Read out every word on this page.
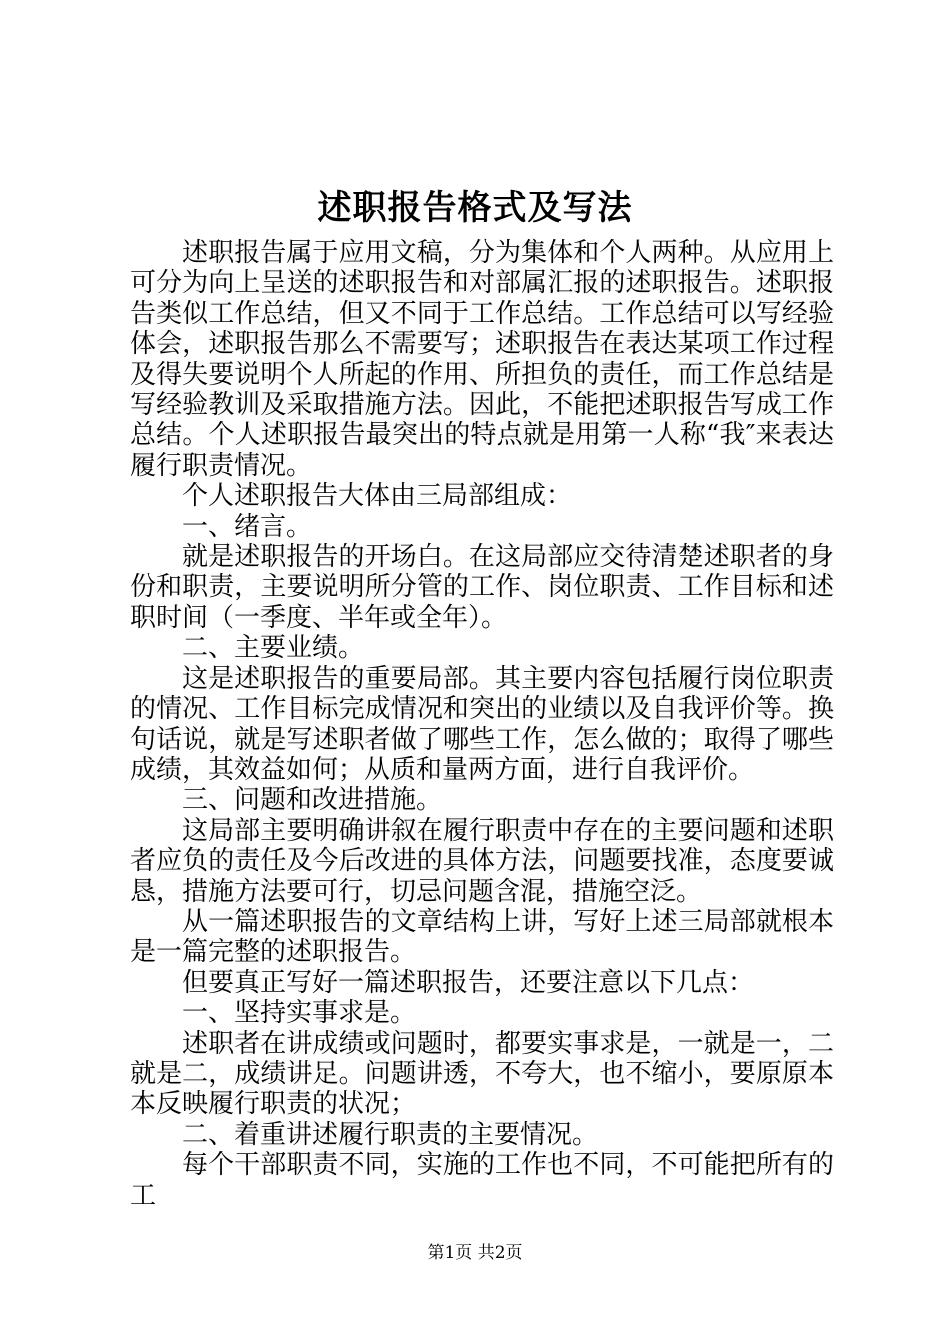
述职报告格式及写法

述职报告属于应用文稿，分为集体和个人两种。从应用上可分为向上呈送的述职报告和对部属汇报的述职报告。述职报告类似工作总结，但又不同于工作总结。工作总结可以写经验体会，述职报告那么不需要写；述职报告在表达某项工作过程及得失要说明个人所起的作用、所担负的责任，而工作总结是写经验教训及采取措施方法。因此，不能把述职报告写成工作总结。个人述职报告最突出的特点就是用第一人称“我″来表达履行职责情况。

个人述职报告大体由三局部组成：

一、绪言。

就是述职报告的开场白。在这局部应交待清楚述职者的身份和职责，主要说明所分管的工作、岗位职责、工作目标和述职时间（一季度、半年或全年）。

二、主要业绩。

这是述职报告的重要局部。其主要内容包括履行岗位职责的情况、工作目标完成情况和突出的业绩以及自我评价等。换句话说，就是写述职者做了哪些工作，怎么做的；取得了哪些成绩，其效益如何；从质和量两方面，进行自我评价。

三、问题和改进措施。

这局部主要明确讲叙在履行职责中存在的主要问题和述职者应负的责任及今后改进的具体方法，问题要找准，态度要诚恳，措施方法要可行，切忌问题含混，措施空泛。

从一篇述职报告的文章结构上讲，写好上述三局部就根本是一篇完整的述职报告。

但要真正写好一篇述职报告，还要注意以下几点：

一、坚持实事求是。

述职者在讲成绩或问题时，都要实事求是，一就是一，二就是二，成绩讲足。问题讲透，不夸大，也不缩小，要原原本本反映履行职责的状况；

二、着重讲述履行职责的主要情况。

每个干部职责不同，实施的工作也不同，不可能把所有的工

第1页 共2页
